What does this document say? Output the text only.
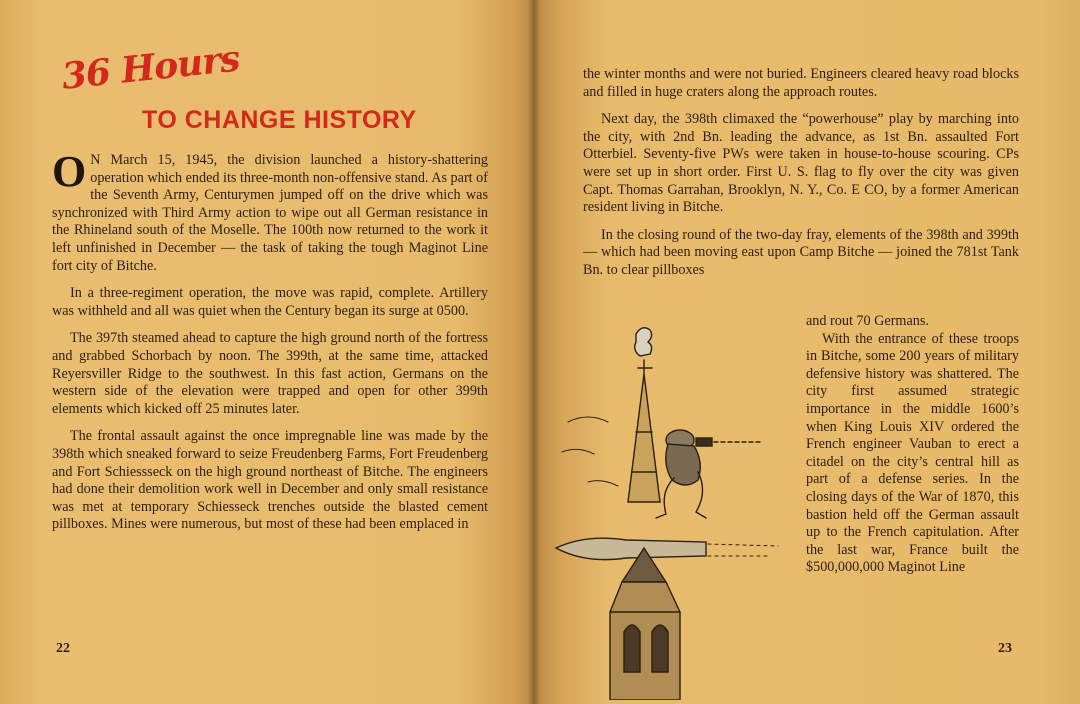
36 Hours
TO CHANGE HISTORY

O N March 15, 1945, the division launched a history-shattering operation which ended its three-month non-offensive stand. As part of the Seventh Army, Centurymen jumped off on the drive which was synchronized with Third Army action to wipe out all German resistance in the Rhineland south of the Moselle. The 100th now returned to the work it left unfinished in December — the task of taking the tough Maginot Line fort city of Bitche.

In a three-regiment operation, the move was rapid, complete. Artillery was withheld and all was quiet when the Century began its surge at 0500.

The 397th steamed ahead to capture the high ground north of the fortress and grabbed Schorbach by noon. The 399th, at the same time, attacked Reyersviller Ridge to the southwest. In this fast action, Germans on the western side of the elevation were trapped and open for other 399th elements which kicked off 25 minutes later.

The frontal assault against the once impregnable line was made by the 398th which sneaked forward to seize Freudenberg Farms, Fort Freudenberg and Fort Schiessseck on the high ground northeast of Bitche. The engineers had done their demolition work well in December and only small resistance was met at temporary Schiesseck trenches outside the blasted cement pillboxes. Mines were numerous, but most of these had been emplaced in

22

the winter months and were not buried. Engineers cleared heavy road blocks and filled in huge craters along the approach routes.

Next day, the 398th climaxed the “powerhouse” play by marching into the city, with 2nd Bn. leading the advance, as 1st Bn. assaulted Fort Otterbiel. Seventy-five PWs were taken in house-to-house scouring. CPs were set up in short order. First U. S. flag to fly over the city was given Capt. Thomas Garrahan, Brooklyn, N. Y., Co. E CO, by a former American resident living in Bitche.

In the closing round of the two-day fray, elements of the 398th and 399th — which had been moving east upon Camp Bitche — joined the 781st Tank Bn. to clear pillboxes

and rout 70 Germans.

With the entrance of these troops in Bitche, some 200 years of military defensive history was shattered. The city first assumed strategic importance in the middle 1600’s when King Louis XIV ordered the French engineer Vauban to erect a citadel on the city’s central hill as part of a defense series. In the closing days of the War of 1870, this bastion held off the German assault up to the French capitulation. After the last war, France built the $500,000,000 Maginot Line

23
